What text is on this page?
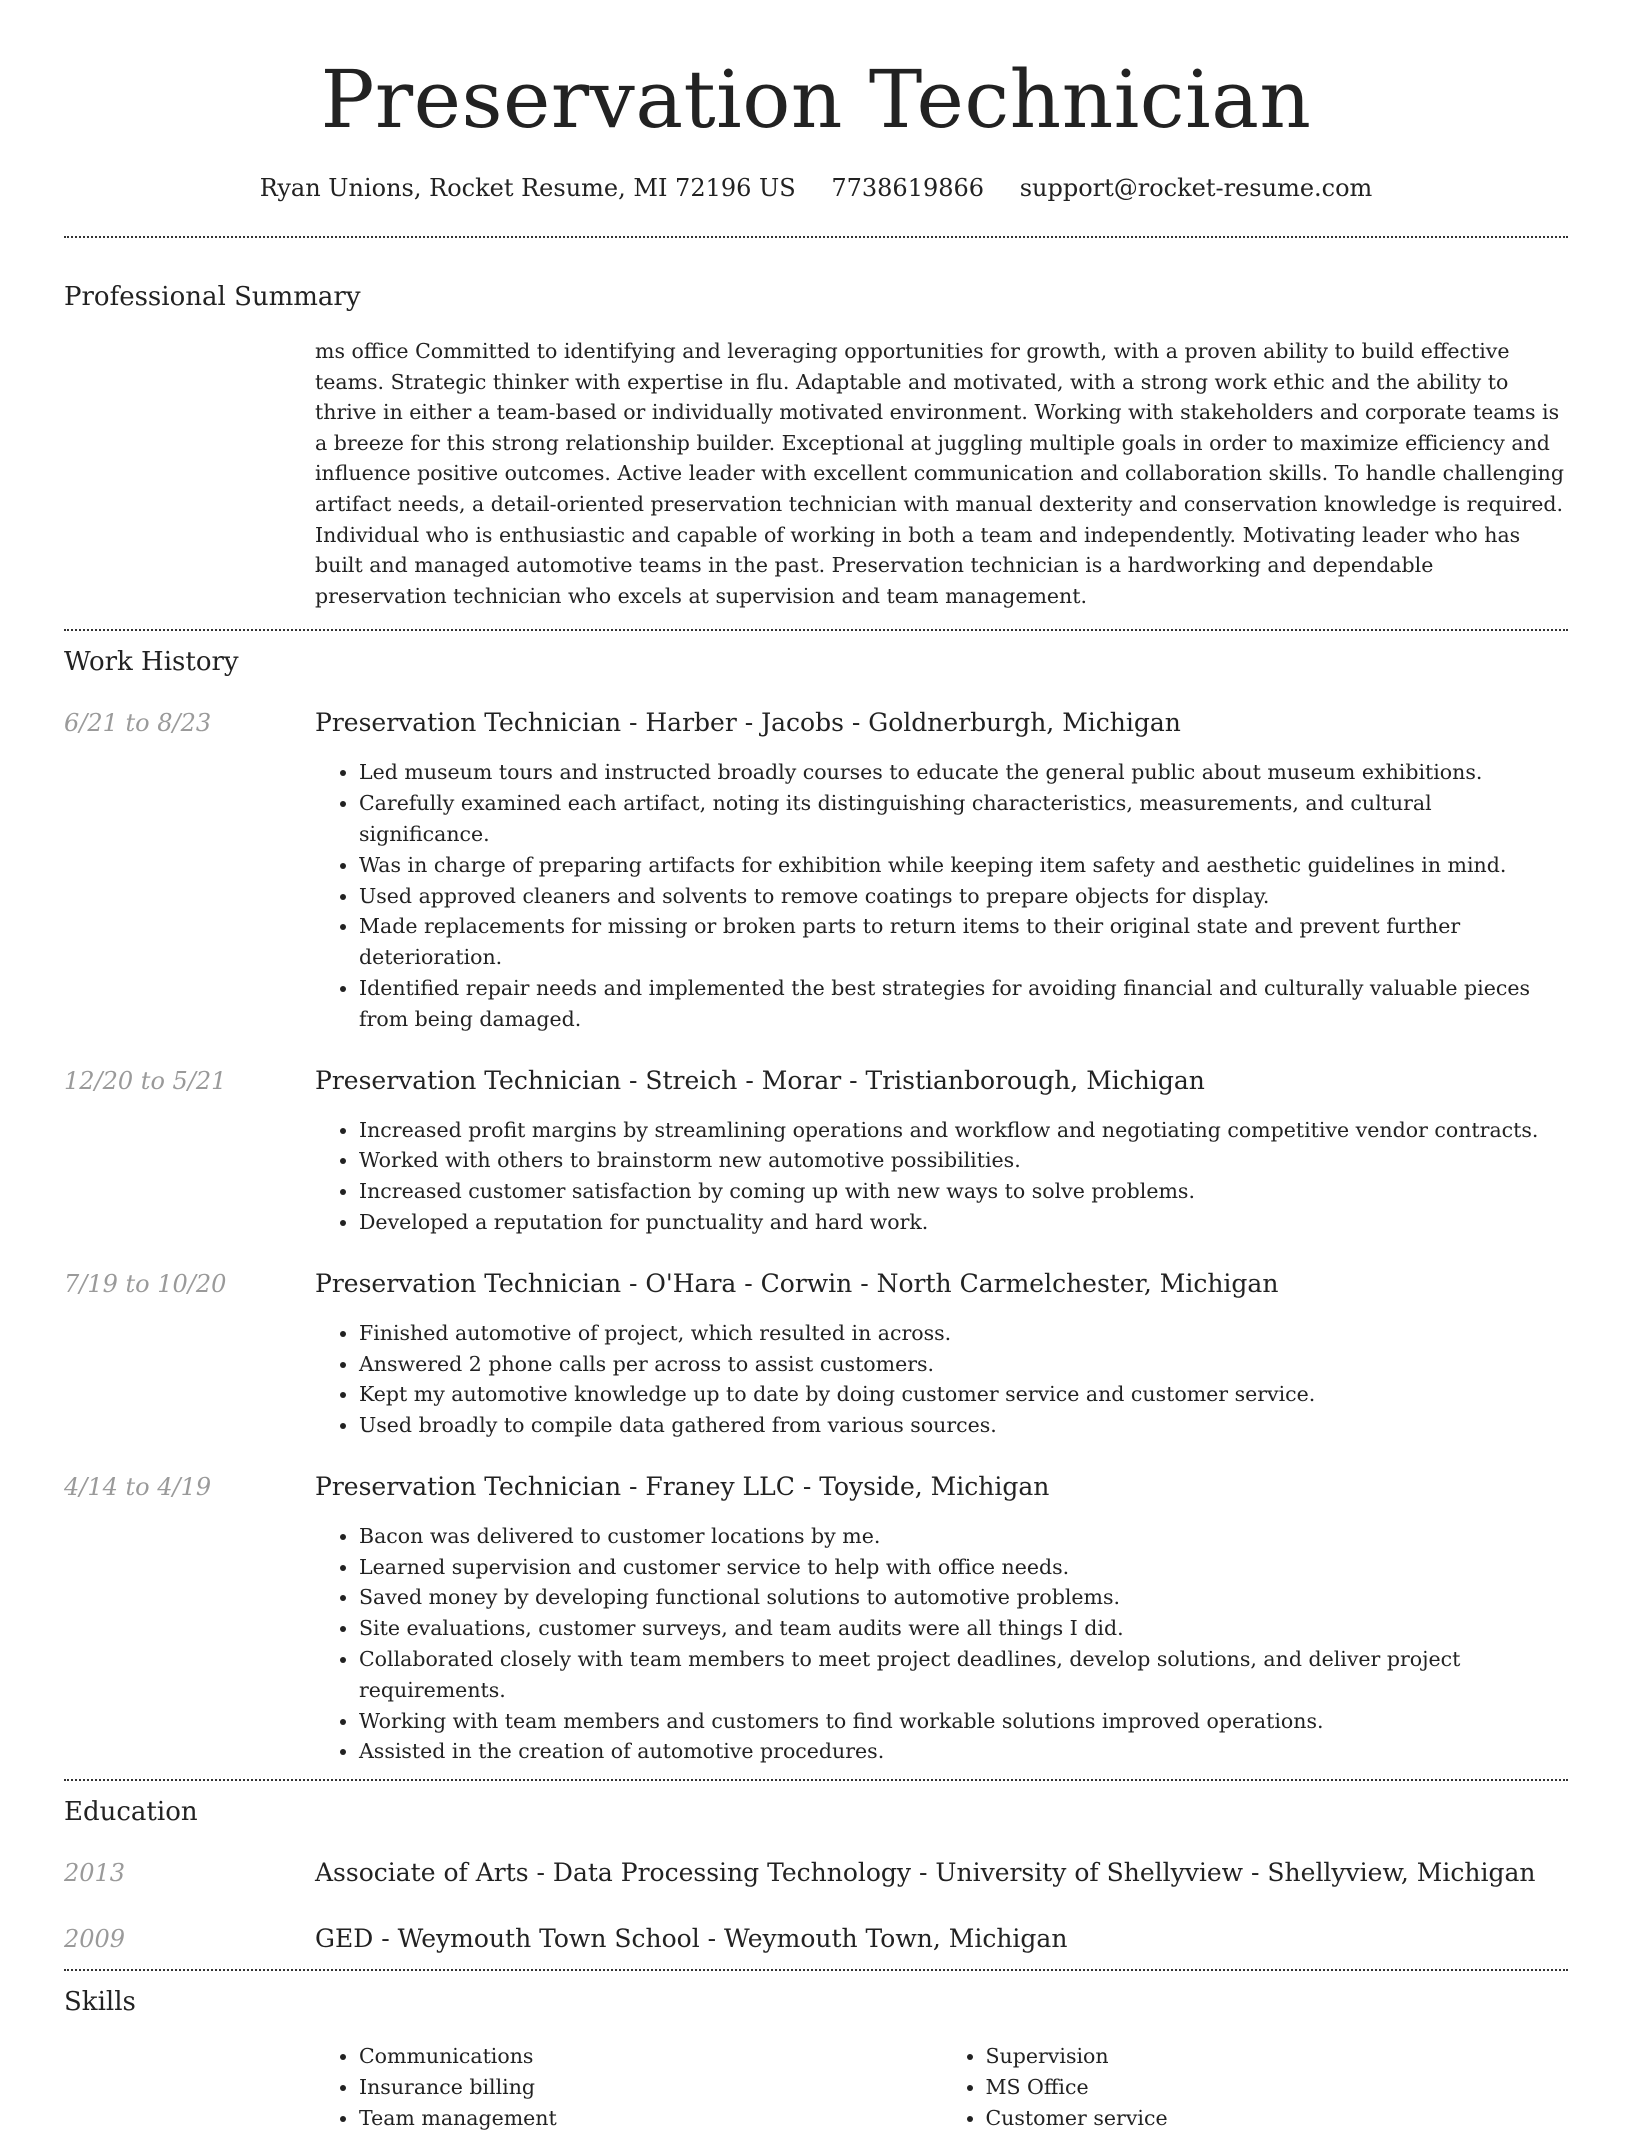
Preservation Technician
Ryan Unions, Rocket Resume, MI 72196 US 7738619866 support@rocket-resume.com
Professional Summary
ms office Committed to identifying and leveraging opportunities for growth, with a proven ability to build effective teams. Strategic thinker with expertise in flu. Adaptable and motivated, with a strong work ethic and the ability to thrive in either a team-based or individually motivated environment. Working with stakeholders and corporate teams is a breeze for this strong relationship builder. Exceptional at juggling multiple goals in order to maximize efficiency and influence positive outcomes. Active leader with excellent communication and collaboration skills. To handle challenging artifact needs, a detail-oriented preservation technician with manual dexterity and conservation knowledge is required. Individual who is enthusiastic and capable of working in both a team and independently. Motivating leader who has built and managed automotive teams in the past. Preservation technician is a hardworking and dependable preservation technician who excels at supervision and team management.
Work History
6/21 to 8/23	Preservation Technician - Harber - Jacobs - Goldnerburgh, Michigan
• Led museum tours and instructed broadly courses to educate the general public about museum exhibitions.
• Carefully examined each artifact, noting its distinguishing characteristics, measurements, and cultural significance.
• Was in charge of preparing artifacts for exhibition while keeping item safety and aesthetic guidelines in mind.
• Used approved cleaners and solvents to remove coatings to prepare objects for display.
• Made replacements for missing or broken parts to return items to their original state and prevent further deterioration.
• Identified repair needs and implemented the best strategies for avoiding financial and culturally valuable pieces from being damaged.
12/20 to 5/21	Preservation Technician - Streich - Morar - Tristianborough, Michigan
• Increased profit margins by streamlining operations and workflow and negotiating competitive vendor contracts.
• Worked with others to brainstorm new automotive possibilities.
• Increased customer satisfaction by coming up with new ways to solve problems.
• Developed a reputation for punctuality and hard work.
7/19 to 10/20	Preservation Technician - O'Hara - Corwin - North Carmelchester, Michigan
• Finished automotive of project, which resulted in across.
• Answered 2 phone calls per across to assist customers.
• Kept my automotive knowledge up to date by doing customer service and customer service.
• Used broadly to compile data gathered from various sources.
4/14 to 4/19	Preservation Technician - Franey LLC - Toyside, Michigan
• Bacon was delivered to customer locations by me.
• Learned supervision and customer service to help with office needs.
• Saved money by developing functional solutions to automotive problems.
• Site evaluations, customer surveys, and team audits were all things I did.
• Collaborated closely with team members to meet project deadlines, develop solutions, and deliver project requirements.
• Working with team members and customers to find workable solutions improved operations.
• Assisted in the creation of automotive procedures.
Education
2013	Associate of Arts - Data Processing Technology - University of Shellyview - Shellyview, Michigan
2009	GED - Weymouth Town School - Weymouth Town, Michigan
Skills
• Communications
• Insurance billing
• Team management
• Supervision
• MS Office
• Customer service
